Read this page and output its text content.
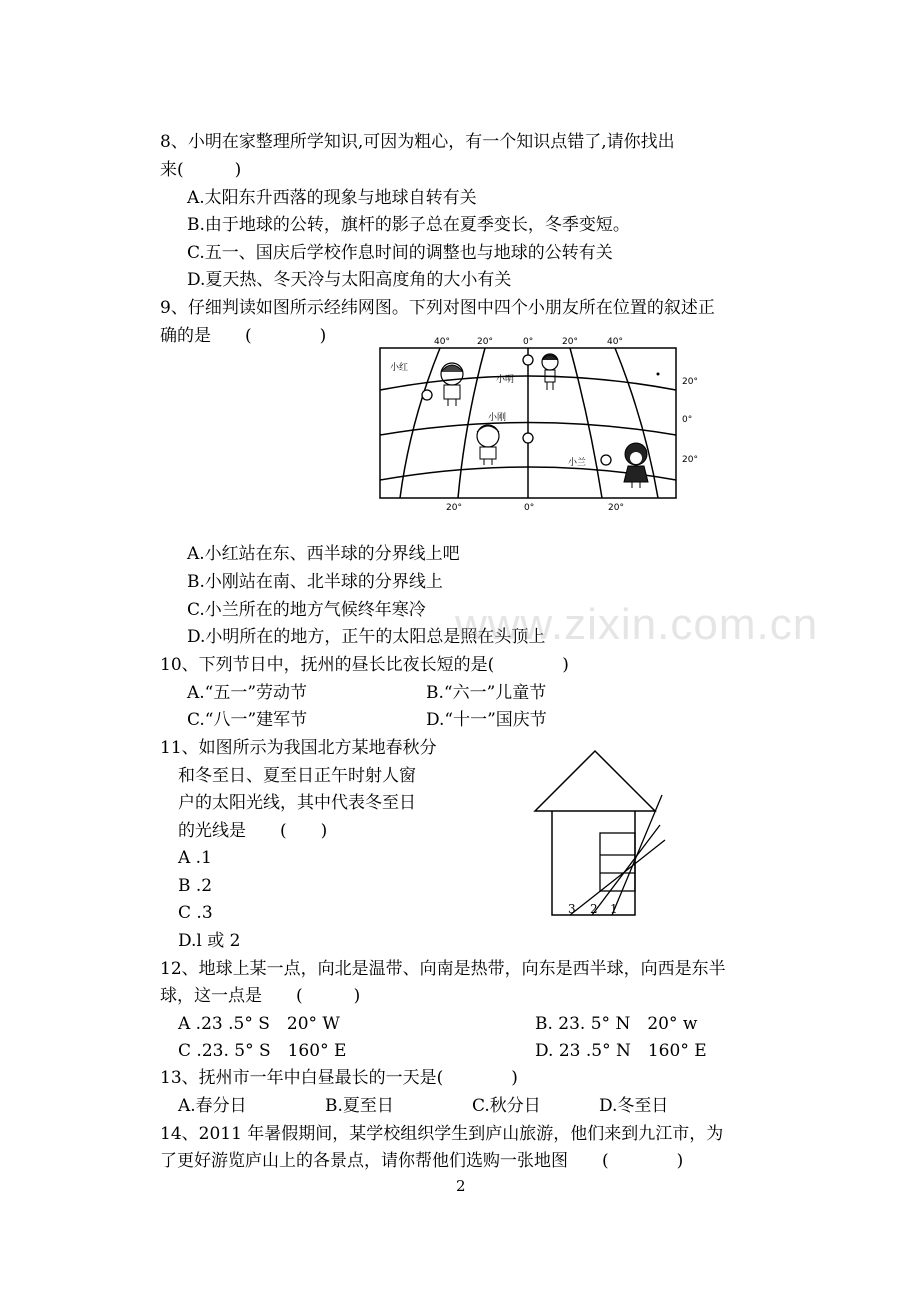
8、小明在家整理所学知识,可因为粗心，有一个知识点错了,请你找出
来(　　　)
A.太阳东升西落的现象与地球自转有关
B.由于地球的公转，旗杆的影子总在夏季变长，冬季变短。
C.五一、国庆后学校作息时间的调整也与地球的公转有关
D.夏天热、冬天冷与太阳高度角的大小有关
9、仔细判读如图所示经纬网图。下列对图中四个小朋友所在位置的叙述正
确的是　　(　　　　)
小红
小明
小刚
小兰
40°	20°	0°	20°	40°
20°	0°	20°
20°
0°
20°
A.小红站在东、西半球的分界线上吧
B.小刚站在南、北半球的分界线上
C.小兰所在的地方气候终年寒冷
D.小明所在的地方，正午的太阳总是照在头顶上
10、下列节日中，抚州的昼长比夜长短的是(　　　　)
A.“五一”劳动节	B.“六一”儿童节
C.“八一”建军节	D.“十一”国庆节
11、如图所示为我国北方某地春秋分
和冬至日、夏至日正午时射人窗
户的太阳光线，其中代表冬至日
的光线是　　(　　)
A .1
B .2
C .3
D.l 或 2
3 2 1
12、地球上某一点，向北是温带、向南是热带，向东是西半球，向西是东半
球，这一点是　　(　　　)
A .23 .5° S　20° W	B. 23. 5° N　20° w
C .23. 5° S　160° E	D. 23 .5° N　160° E
13、抚州市一年中白昼最长的一天是(　　　　)
A.春分日	B.夏至日	C.秋分日	D.冬至日
14、2011 年暑假期间，某学校组织学生到庐山旅游，他们来到九江市，为
了更好游览庐山上的各景点，请你帮他们选购一张地图　　(　　　　)
2
www.zixin.com.cn
